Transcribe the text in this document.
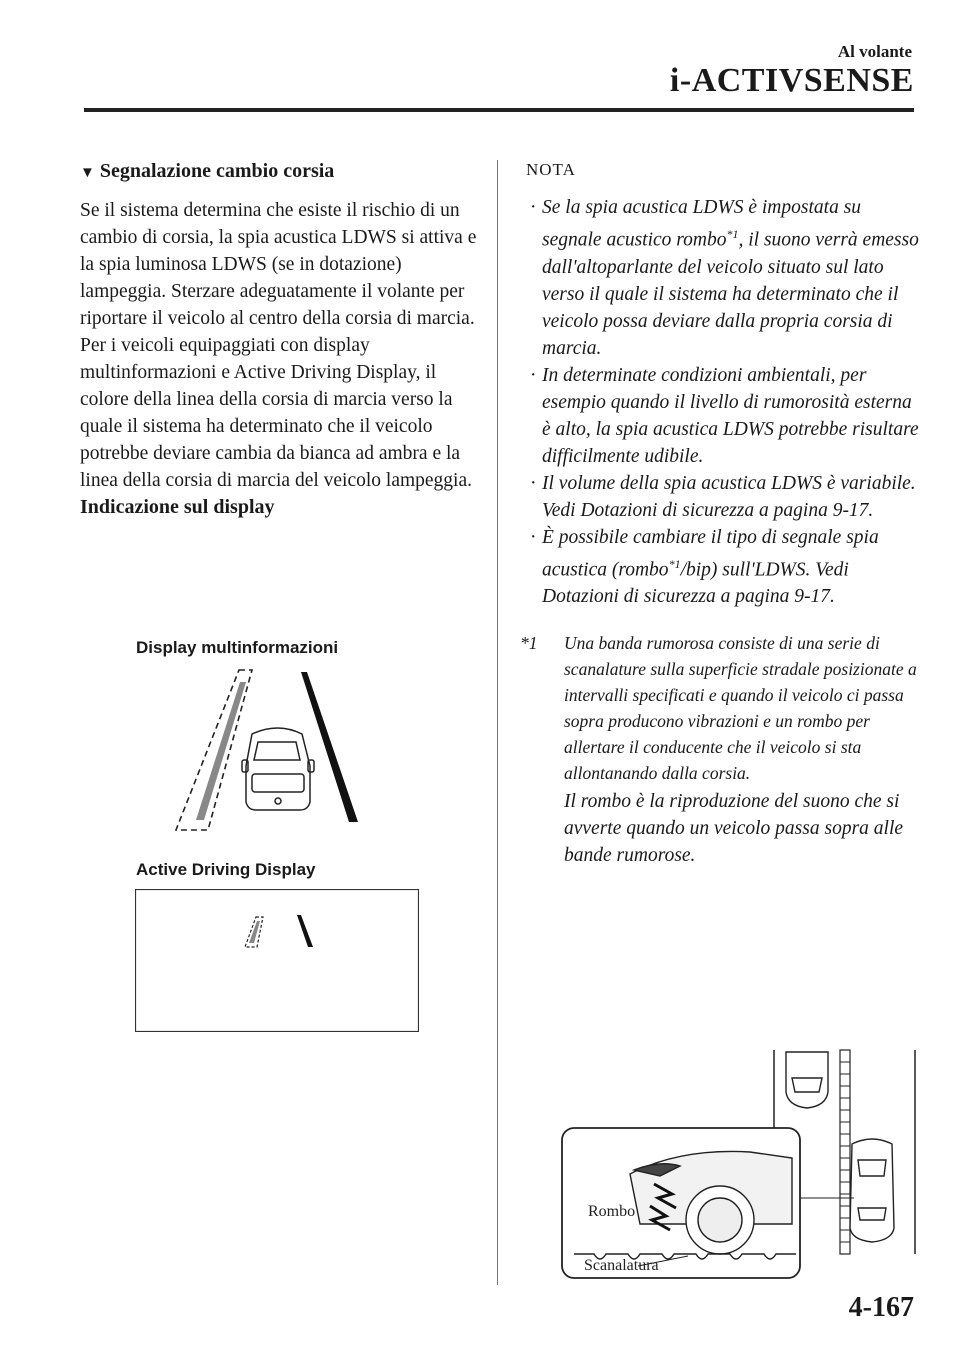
Al volante
i-ACTIVSENSE
▼ Segnalazione cambio corsia

Se il sistema determina che esiste il rischio di un cambio di corsia, la spia acustica LDWS si attiva e la spia luminosa LDWS (se in dotazione) lampeggia. Sterzare adeguatamente il volante per riportare il veicolo al centro della corsia di marcia. Per i veicoli equipaggiati con display multinformazioni e Active Driving Display, il colore della linea della corsia di marcia verso la quale il sistema ha determinato che il veicolo potrebbe deviare cambia da bianca ad ambra e la linea della corsia di marcia del veicolo lampeggia.

Indicazione sul display

Display multinformazioni
Active Driving Display

NOTA

· Se la spia acustica LDWS è impostata su segnale acustico rombo$^{*1}$, il suono verrà emesso dall'altoparlante del veicolo situato sul lato verso il quale il sistema ha determinato che il veicolo possa deviare dalla propria corsia di marcia.
· In determinate condizioni ambientali, per esempio quando il livello di rumorosità esterna è alto, la spia acustica LDWS potrebbe risultare difficilmente udibile.
· Il volume della spia acustica LDWS è variabile. Vedi Dotazioni di sicurezza a pagina 9-17.
· È possibile cambiare il tipo di segnale spia acustica (rombo$^{*1}$/bip) sull'LDWS. Vedi Dotazioni di sicurezza a pagina 9-17.
*1 Una banda rumorosa consiste di una serie di scanalature sulla superficie stradale posizionate a intervalli specificati e quando il veicolo ci passa sopra producono vibrazioni e un rombo per allertare il conducente che il veicolo si sta allontanando dalla corsia.
Il rombo è la riproduzione del suono che si avverte quando un veicolo passa sopra alle bande rumorose.
Rombo
Scanalatura
4-167
